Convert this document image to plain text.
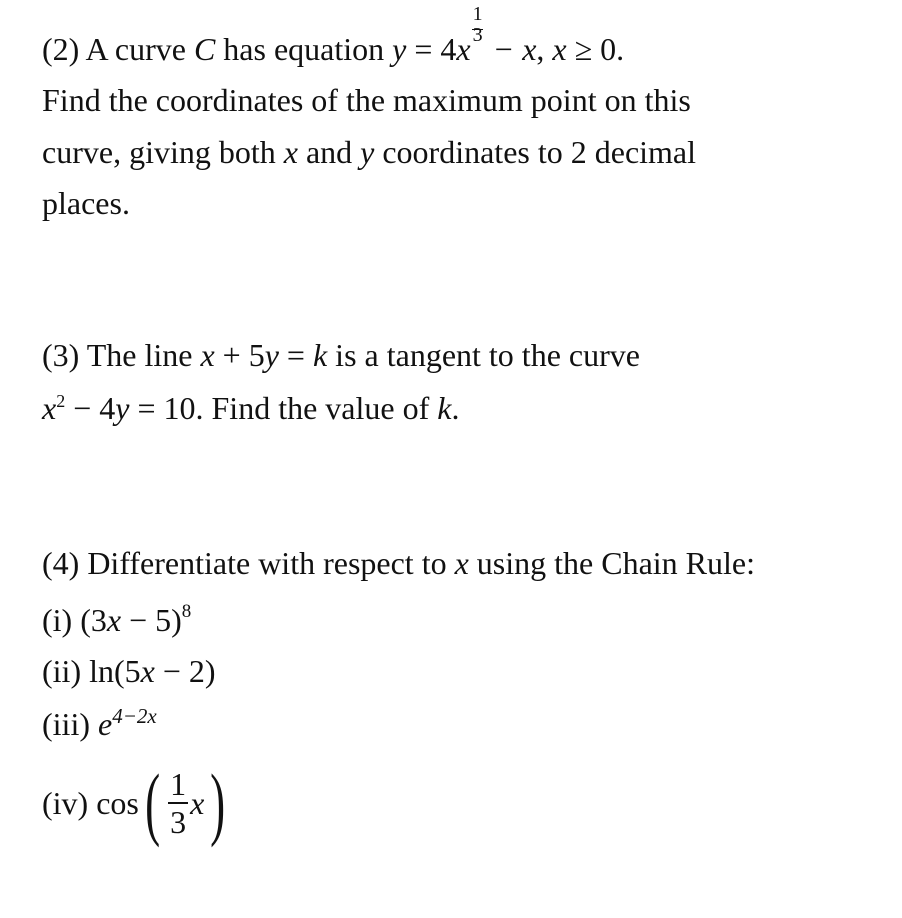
(2) A curve C has equation $y = 4x \frac{1}{3} - x$, x ≥ 0.
Find the coordinates of the maximum point on this
curve, giving both x and y coordinates to 2 decimal
places.
(3) The line x + 5y = k is a tangent to the curve
$x^2 - 4y = 10$. Find the value of k.
(4) Differentiate with respect to x using the Chain Rule:
(i) $(3x - 5)^8$
(ii) ln(5x − 2)
(iii) $e^{4-2x}$
(iv) $\cos( \frac{1}{3} x)$
